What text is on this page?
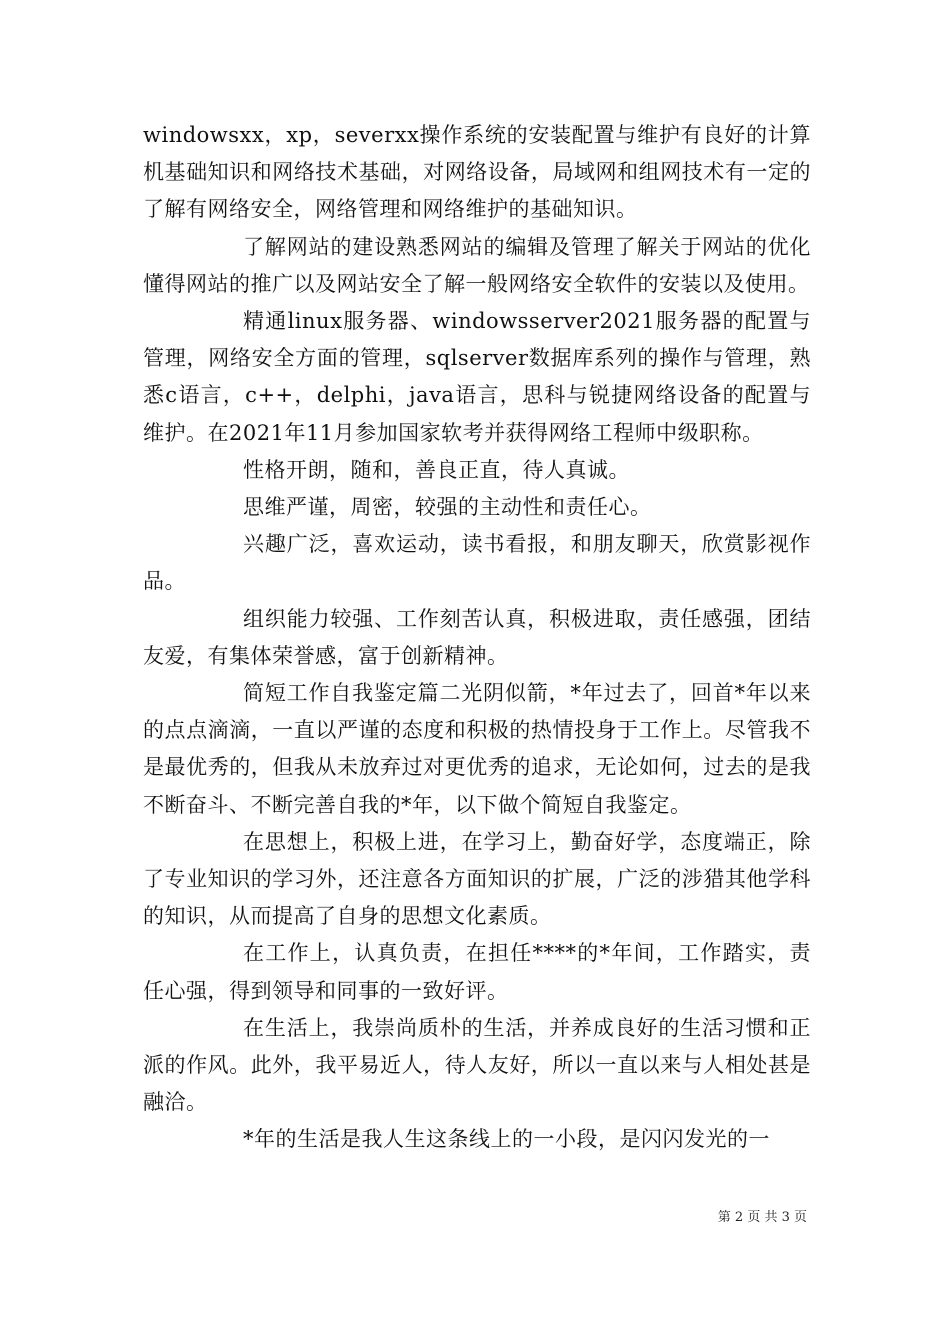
windowsxx，xp，severxx操作系统的安装配置与维护有良好的计算机基础知识和网络技术基础，对网络设备，局域网和组网技术有一定的了解有网络安全，网络管理和网络维护的基础知识。

了解网站的建设熟悉网站的编辑及管理了解关于网站的优化懂得网站的推广以及网站安全了解一般网络安全软件的安装以及使用。

精通linux服务器、windowsserver2021服务器的配置与管理，网络安全方面的管理，sqlserver数据库系列的操作与管理，熟悉c语言，c++，delphi，java语言，思科与锐捷网络设备的配置与维护。在2021年11月参加国家软考并获得网络工程师中级职称。

性格开朗，随和，善良正直，待人真诚。

思维严谨，周密，较强的主动性和责任心。

兴趣广泛，喜欢运动，读书看报，和朋友聊天，欣赏影视作品。

组织能力较强、工作刻苦认真，积极进取，责任感强，团结友爱，有集体荣誉感，富于创新精神。

简短工作自我鉴定篇二光阴似箭，*年过去了，回首*年以来的点点滴滴，一直以严谨的态度和积极的热情投身于工作上。尽管我不是最优秀的，但我从未放弃过对更优秀的追求，无论如何，过去的是我不断奋斗、不断完善自我的*年，以下做个简短自我鉴定。

在思想上，积极上进，在学习上，勤奋好学，态度端正，除了专业知识的学习外，还注意各方面知识的扩展，广泛的涉猎其他学科的知识，从而提高了自身的思想文化素质。

在工作上，认真负责，在担任****的*年间，工作踏实，责任心强，得到领导和同事的一致好评。

在生活上，我崇尚质朴的生活，并养成良好的生活习惯和正派的作风。此外，我平易近人，待人友好，所以一直以来与人相处甚是融洽。

*年的生活是我人生这条线上的一小段，是闪闪发光的一

第 2 页 共 3 页
